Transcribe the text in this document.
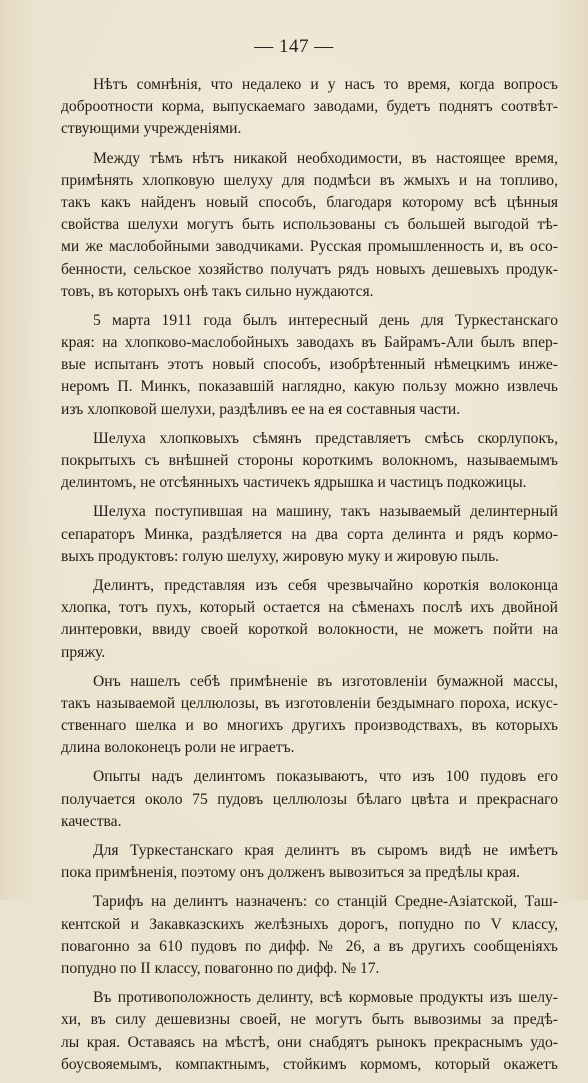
— 147 —
Нѣтъ сомнѣнія, что недалеко и у насъ то время, когда вопросъ
доброотности корма, выпускаемаго заводами, будетъ поднятъ соотвѣт-
ствующими учрежденіями.
Между тѣмъ нѣтъ никакой необходимости, въ настоящее время,
примѣнять хлопковую шелуху для подмѣси въ жмыхъ и на топливо,
такъ какъ найденъ новый способъ, благодаря которому всѣ цѣнныя
свойства шелухи могутъ быть использованы съ большей выгодой тѣ-
ми же маслобойными заводчиками. Русская промышленность и, въ осо-
бенности, сельское хозяйство получатъ рядъ новыхъ дешевыхъ продук-
товъ, въ которыхъ онѣ такъ сильно нуждаются.
5 марта 1911 года былъ интересный день для Туркестанскаго
края: на хлопково-маслобойныхъ заводахъ въ Байрамъ-Али былъ впер-
вые испытанъ этотъ новый способъ, изобрѣтенный нѣмецкимъ инже-
неромъ П. Минкъ, показавшій наглядно, какую пользу можно извлечь
изъ хлопковой шелухи, раздѣливъ ее на ея составныя части.
Шелуха хлопковыхъ сѣмянъ представляетъ смѣсь скорлупокъ,
покрытыхъ съ внѣшней стороны короткимъ волокномъ, называемымъ
делинтомъ, не отсѣянныхъ частичекъ ядрышка и частицъ подкожицы.
Шелуха поступившая на машину, такъ называемый делинтерный
сепараторъ Минка, раздѣляется на два сорта делинта и рядъ кормо-
выхъ продуктовъ: голую шелуху, жировую муку и жировую пыль.
Делинтъ, представляя изъ себя чрезвычайно короткія волоконца
хлопка, тотъ пухъ, который остается на сѣменахъ послѣ ихъ двойной
линтеровки, ввиду своей короткой волокности, не можетъ пойти на
пряжу.
Онъ нашелъ себѣ примѣненіе въ изготовленіи бумажной массы,
такъ называемой целлюлозы, въ изготовленіи бездымнаго пороха, искус-
ственнаго шелка и во многихъ другихъ производствахъ, въ которыхъ
длина волоконецъ роли не играетъ.
Опыты надъ делинтомъ показываютъ, что изъ 100 пудовъ его
получается около 75 пудовъ целлюлозы бѣлаго цвѣта и прекраснаго
качества.
Для Туркестанскаго края делинтъ въ сыромъ видѣ не имѣетъ
пока примѣненія, поэтому онъ долженъ вывозиться за предѣлы края.
Тарифъ на делинтъ назначенъ: со станцій Средне-Азіатской, Таш-
кентской и Закавказскихъ желѣзныхъ дорогъ, попудно по V классу,
повагонно за 610 пудовъ по дифф. № 26, а въ другихъ сообщеніяхъ
попудно по II классу, повагонно по дифф. № 17.
Въ противоположность делинту, всѣ кормовые продукты изъ шелу-
хи, въ силу дешевизны своей, не могутъ быть вывозимы за предѣ-
лы края. Оставаясь на мѣстѣ, они снабдятъ рынокъ прекраснымъ удо-
боусвояемымъ, компактнымъ, стойкимъ кормомъ, который окажетъ
